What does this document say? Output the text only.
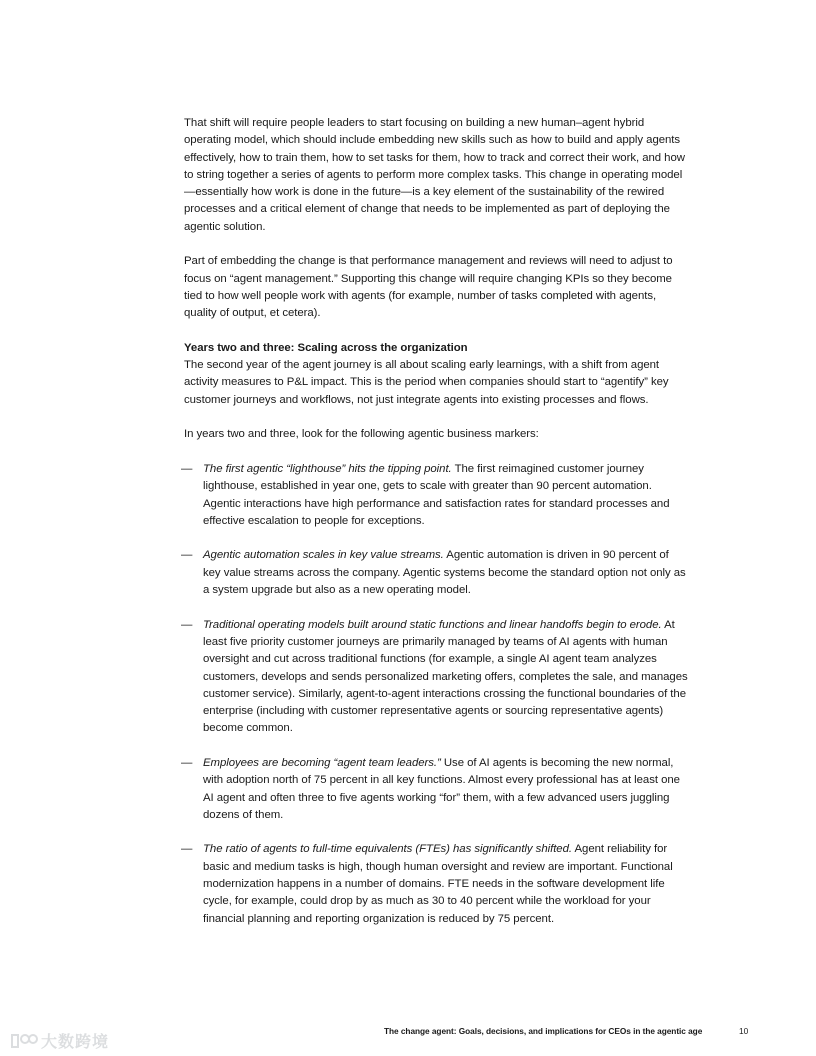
That shift will require people leaders to start focusing on building a new human–agent hybrid operating model, which should include embedding new skills such as how to build and apply agents effectively, how to train them, how to set tasks for them, how to track and correct their work, and how to string together a series of agents to perform more complex tasks. This change in operating model—essentially how work is done in the future—is a key element of the sustainability of the rewired processes and a critical element of change that needs to be implemented as part of deploying the agentic solution.

Part of embedding the change is that performance management and reviews will need to adjust to focus on “agent management.” Supporting this change will require changing KPIs so they become tied to how well people work with agents (for example, number of tasks completed with agents, quality of output, et cetera).

Years two and three: Scaling across the organization
The second year of the agent journey is all about scaling early learnings, with a shift from agent activity measures to P&L impact. This is the period when companies should start to “agentify” key customer journeys and workflows, not just integrate agents into existing processes and flows.

In years two and three, look for the following agentic business markers:

— The first agentic “lighthouse” hits the tipping point. The first reimagined customer journey lighthouse, established in year one, gets to scale with greater than 90 percent automation. Agentic interactions have high performance and satisfaction rates for standard processes and effective escalation to people for exceptions.
— Agentic automation scales in key value streams. Agentic automation is driven in 90 percent of key value streams across the company. Agentic systems become the standard option not only as a system upgrade but also as a new operating model.
— Traditional operating models built around static functions and linear handoffs begin to erode. At least five priority customer journeys are primarily managed by teams of AI agents with human oversight and cut across traditional functions (for example, a single AI agent team analyzes customers, develops and sends personalized marketing offers, completes the sale, and manages customer service). Similarly, agent-to-agent interactions crossing the functional boundaries of the enterprise (including with customer representative agents or sourcing representative agents) become common.
— Employees are becoming “agent team leaders.” Use of AI agents is becoming the new normal, with adoption north of 75 percent in all key functions. Almost every professional has at least one AI agent and often three to five agents working “for” them, with a few advanced users juggling dozens of them.
— The ratio of agents to full-time equivalents (FTEs) has significantly shifted. Agent reliability for basic and medium tasks is high, though human oversight and review are important. Functional modernization happens in a number of domains. FTE needs in the software development life cycle, for example, could drop by as much as 30 to 40 percent while the workload for your financial planning and reporting organization is reduced by 75 percent.
大数跨境
The change agent: Goals, decisions, and implications for CEOs in the agentic age	10
